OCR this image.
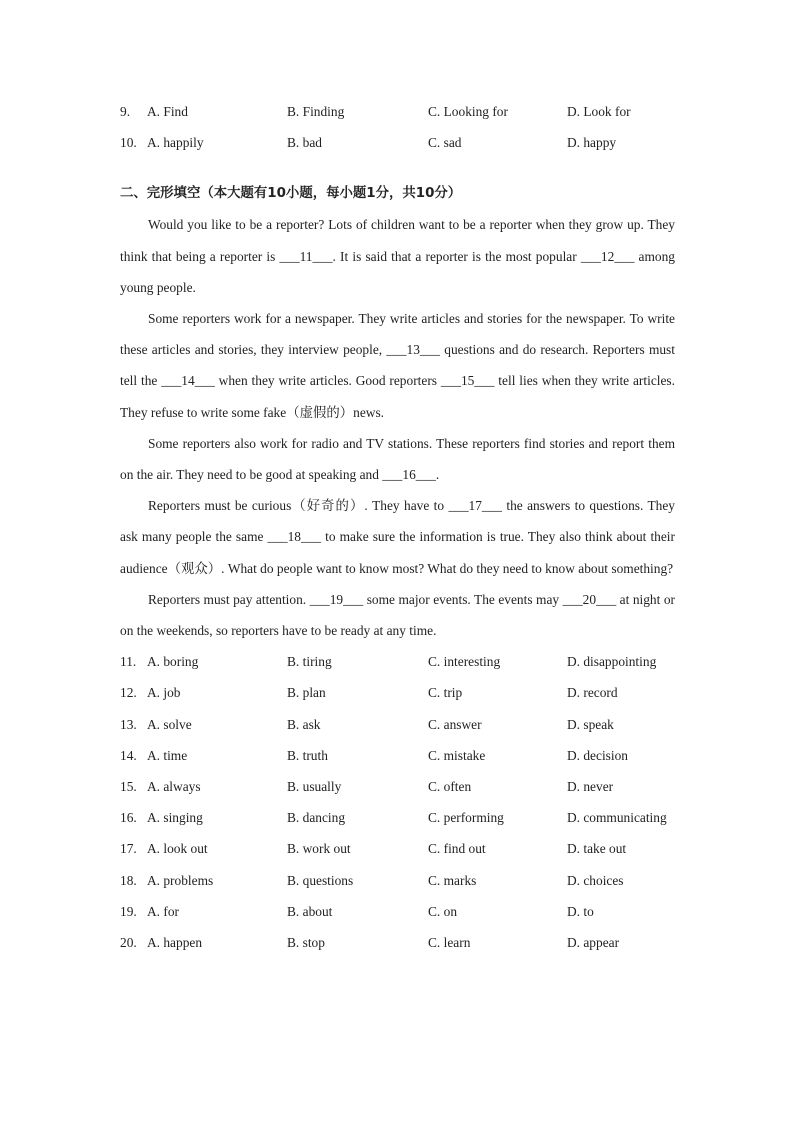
9. A. Find	B. Finding	C. Looking for	D. Look for
10. A. happily	B. bad	C. sad	D. happy
二、完形填空（本大题有10小题，每小题1分，共10分）

Would you like to be a reporter? Lots of children want to be a reporter when they grow up. They think that being a reporter is ___11___. It is said that a reporter is the most popular ___12___ among young people.

Some reporters work for a newspaper. They write articles and stories for the newspaper. To write these articles and stories, they interview people, ___13___ questions and do research. Reporters must tell the ___14___ when they write articles. Good reporters ___15___ tell lies when they write articles. They refuse to write some fake（虚假的）news.

Some reporters also work for radio and TV stations. These reporters find stories and report them on the air. They need to be good at speaking and ___16___.

Reporters must be curious（好奇的）. They have to ___17___ the answers to questions. They ask many people the same ___18___ to make sure the information is true. They also think about their audience（观众）. What do people want to know most? What do they need to know about something?

Reporters must pay attention. ___19___ some major events. The events may ___20___ at night or on the weekends, so reporters have to be ready at any time.

11. A. boring	B. tiring	C. interesting	D. disappointing
12. A. job	B. plan	C. trip	D. record
13. A. solve	B. ask	C. answer	D. speak
14. A. time	B. truth	C. mistake	D. decision
15. A. always	B. usually	C. often	D. never
16. A. singing	B. dancing	C. performing	D. communicating
17. A. look out	B. work out	C. find out	D. take out
18. A. problems	B. questions	C. marks	D. choices
19. A. for	B. about	C. on	D. to
20. A. happen	B. stop	C. learn	D. appear
